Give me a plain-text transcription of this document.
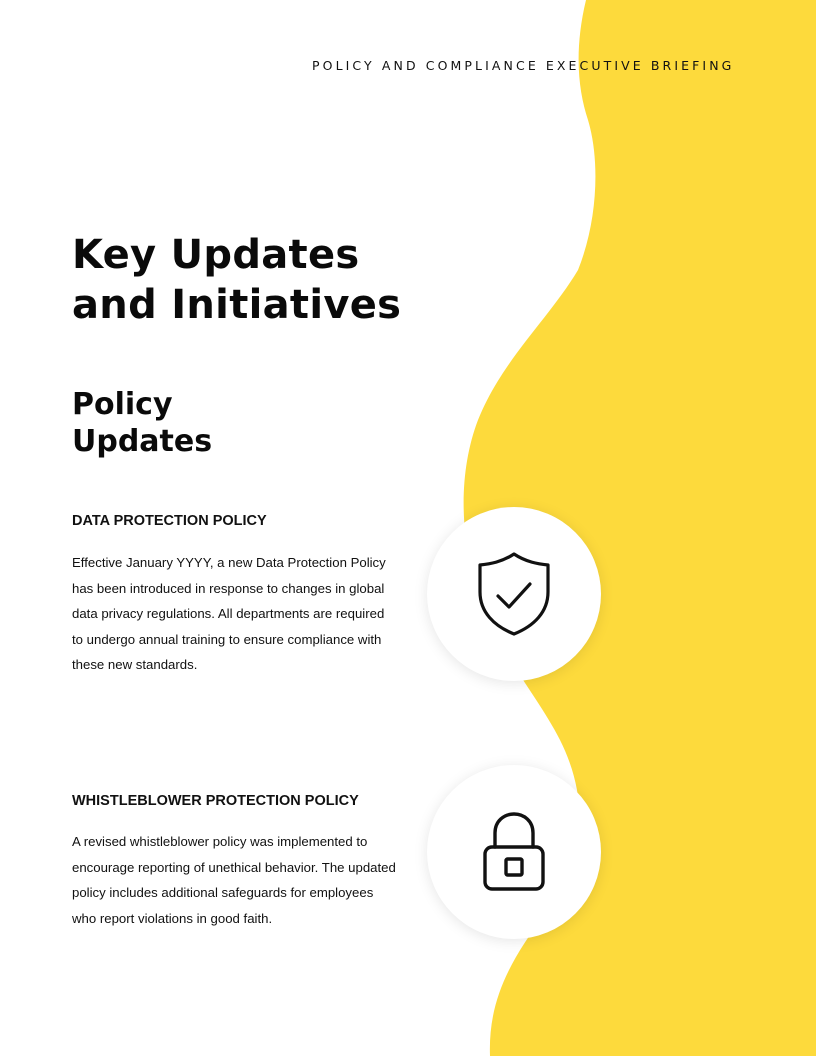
POLICY AND COMPLIANCE EXECUTIVE BRIEFING
Key Updates
and Initiatives
Policy
Updates
DATA PROTECTION POLICY

Effective January YYYY, a new Data Protection Policy has been introduced in response to changes in global data privacy regulations. All departments are required to undergo annual training to ensure compliance with these new standards.

WHISTLEBLOWER PROTECTION POLICY

A revised whistleblower policy was implemented to encourage reporting of unethical behavior. The updated policy includes additional safeguards for employees who report violations in good faith.
